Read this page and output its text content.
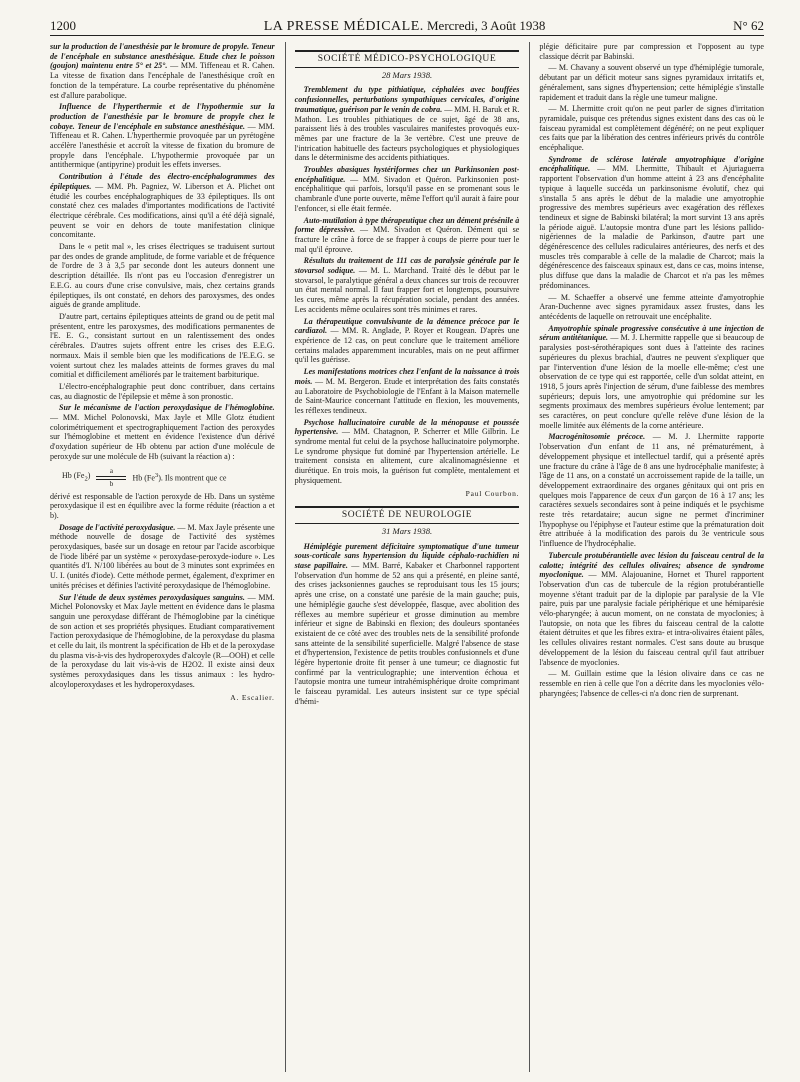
1200	LA PRESSE MÉDICALE. Mercredi, 3 Août 1938	N° 62

sur la production de l'anesthésie par le bromure de propyle. Teneur de l'encéphale en substance anesthésique. Etude chez le poisson (goujon) maintenu entre 5° et 25°. — MM. Tiffeneau et R. Cahen. La vitesse de fixation dans l'encéphale de l'anesthésique croît en fonction de la température. La courbe représentative du phénomène est d'allure parabolique.

Influence de l'hyperthermie et de l'hypothermie sur la production de l'anesthésie par le bromure de propyle chez le cobaye. Teneur de l'encéphale en substance anesthésique. — MM. Tiffeneau et R. Cahen. L'hyperthermie provoquée par un pyrétogène accélère l'anesthésie et accroît la vitesse de fixation du bromure de propyle dans l'encéphale. L'hypothermie provoquée par un antithermique (antipyrine) produit les effets inverses.

Contribution à l'étude des électro-encéphalogrammes des épileptiques. — MM. Ph. Pagniez, W. Liberson et A. Plichet ont étudié les courbes encéphalographiques de 33 épileptiques. Ils ont constaté chez ces malades d'importantes modifications de l'activité électrique cérébrale. Ces modifications, ainsi qu'il a été déjà signalé, peuvent se voir en dehors de toute manifestation clinique concomitante.

Dans le « petit mal », les crises électriques se traduisent surtout par des ondes de grande amplitude, de forme variable et de fréquence de l'ordre de 3 à 3,5 par seconde dont les auteurs donnent une description détaillée. Ils n'ont pas eu l'occasion d'enregistrer un E.E.G. au cours d'une crise convulsive, mais, chez certains grands épileptiques, ils ont constaté, en dehors des paroxysmes, des ondes aiguës de grande amplitude.

D'autre part, certains épileptiques atteints de grand ou de petit mal présentent, entre les paroxysmes, des modifications permanentes de l'E. E. G., consistant surtout en un ralentissement des ondes cérébrales. D'autres sujets offrent entre les crises des E.E.G. normaux. Mais il semble bien que les modifications de l'E.E.G. se voient surtout chez les malades atteints de formes graves du mal comitial et difficilement améliorés par le traitement barbiturique.

L'électro-encéphalographie peut donc contribuer, dans certains cas, au diagnostic de l'épilepsie et même à son pronostic.

Sur le mécanisme de l'action peroxydasique de l'hémoglobine. — MM. Michel Polonovski, Max Jayle et Mlle Glotz étudient colorimétriquement et spectrographiquement l'action des peroxydes sur l'hémoglobine et mettent en évidence l'existence d'un dérivé d'oxydation supérieur de Hb obtenu par action d'une molécule de peroxyde sur une molécule de Hb (suivant la réaction a) :

Hb $(Fe_2)$
a
b
Hb (Fe$^3$). Ils montrent que ce

dérivé est responsable de l'action peroxyde de Hb. Dans un système peroxydasique il est en équilibre avec la forme réduite (réaction a et b).

Dosage de l'activité peroxydasique. — M. Max Jayle présente une méthode nouvelle de dosage de l'activité des systèmes peroxydasiques, basée sur un dosage en retour par l'acide ascorbique de l'iode libéré par un système « peroxydase-peroxyde-iodure ». Les quantités d'I. N/100 libérées au bout de 3 minutes sont exprimées en U. I. (unités d'iode). Cette méthode permet, également, d'exprimer en unités précises et définies l'activité peroxydasique de l'hémoglobine.

Sur l'étude de deux systèmes peroxydasiques sanguins. — MM. Michel Polonovsky et Max Jayle mettent en évidence dans le plasma sanguin une peroxydase différant de l'hémoglobine par la cinétique de son action et ses propriétés physiques. Etudiant comparativement l'action peroxydasique de l'hémoglobine, de la peroxydase du plasma et celle du lait, ils montrent la spécification de Hb et de la peroxydase du plasma vis-à-vis des hydroperoxydes d'alcoyle (R—OOH) et celle de la peroxydase du lait vis-à-vis de H2O2. Il existe ainsi deux systèmes peroxydasiques dans les tissus animaux : les hydro-alcoyloperoxydases et les hydroperoxydases.

A. Escalier.
SOCIÉTÉ MÉDICO-PSYCHOLOGIQUE
28 Mars 1938.

Tremblement du type pithiatique, céphalées avec bouffées confusionnelles, perturbations sympathiques cervicales, d'origine traumatique, guérison par le venin de cobra. — MM. H. Baruk et R. Mathon. Les troubles pithiatiques de ce sujet, âgé de 38 ans, paraissent liés à des troubles vasculaires manifestes provoqués eux-mêmes par une fracture de la 3e vertèbre. C'est une preuve de l'intrication habituelle des facteurs psychologiques et physiologiques dans le déterminisme des accidents pithiatiques.

Troubles abasiques hystériformes chez un Parkinsonien post-encéphalitique. — MM. Sivadon et Quéron. Parkinsonien post-encéphalitique qui parfois, lorsqu'il passe en se promenant sous le chambranle d'une porte ouverte, même l'effort qu'il aurait à faire pour l'enfoncer, si elle était fermée.

Auto-mutilation à type thérapeutique chez un dément présénile à forme dépressive. — MM. Sivadon et Quéron. Dément qui se fracture le crâne à force de se frapper à coups de pierre pour tuer le mal qu'il éprouve.

Résultats du traitement de 111 cas de paralysie générale par le stovarsol sodique. — M. L. Marchand. Traité dès le début par le stovarsol, le paralytique général a deux chances sur trois de recouvrer un état mental normal. Il faut frapper fort et longtemps, poursuivre les cures, même après la récupération sociale, pendant des années. Les accidents même oculaires sont très minimes et rares.

La thérapeutique convulsivante de la démence précoce par le cardiazol. — MM. R. Anglade, P. Royer et Rougean. D'après une expérience de 12 cas, on peut conclure que le traitement améliore certains malades apparemment incurables, mais on ne peut affirmer qu'il les guérisse.

Les manifestations motrices chez l'enfant de la naissance à trois mois. — M. M. Bergeron. Etude et interprétation des faits constatés au Laboratoire de Psychobiologie de l'Enfant à la Maison maternelle de Saint-Maurice concernant l'attitude en flexion, les mouvements, les réflexes tendineux.

Psychose hallucinatoire curable de la ménopause et poussée hypertensive. — MM. Chatagnon, P. Scherrer et Mlle Gilbrin. Le syndrome mental fut celui de la psychose hallucinatoire polymorphe. Le syndrome physique fut dominé par l'hypertension artérielle. Le traitement consista en alitement, cure alcalinomagnésienne et diurétique. En trois mois, la guérison fut complète, mentalement et physiquement.

Paul Courbon.
SOCIÉTÉ DE NEUROLOGIE
31 Mars 1938.

Hémiplégie purement déficitaire symptomatique d'une tumeur sous-corticale sans hypertension du liquide céphalo-rachidien ni stase papillaire. — MM. Barré, Kabaker et Charbonnel rapportent l'observation d'un homme de 52 ans qui a présenté, en pleine santé, des crises jacksoniennes gauches se reproduisant tous les 15 jours; après une crise, on a constaté une parésie de la main gauche; puis, une hémiplégie gauche s'est développée, flasque, avec abolition des réflexes au membre supérieur et grosse diminution au membre inférieur et signe de Babinski en flexion; des douleurs spontanées existaient de ce côté avec des troubles nets de la sensibilité profonde sans atteinte de la sensibilité superficielle. Malgré l'absence de stase et d'hypertension, l'existence de petits troubles confusionnels et d'une légère hypertonie droite fit penser à une tumeur; ce diagnostic fut confirmé par la ventriculographie; une intervention échoua et l'autopsie montra une tumeur intrahémisphérique droite comprimant le faisceau pyramidal. Les auteurs insistent sur ce type spécial d'hémi-

plégie déficitaire pure par compression et l'opposent au type classique décrit par Babinski.

— M. Chavany a souvent observé un type d'hémiplégie tumorale, débutant par un déficit moteur sans signes pyramidaux irritatifs et, généralement, sans signes d'hypertension; cette hémiplégie s'installe rapidement et traduit dans la règle une tumeur maligne.

— M. Lhermitte croit qu'on ne peut parler de signes d'irritation pyramidale, puisque ces prétendus signes existent dans des cas où le faisceau pyramidal est complètement dégénéré; on ne peut expliquer ces faits que par la libération des centres inférieurs privés du contrôle encéphalique.

Syndrome de sclérose latérale amyotrophique d'origine encéphalitique. — MM. Lhermitte, Thibault et Ajuriaguerra rapportent l'observation d'un homme atteint à 23 ans d'encéphalite typique à laquelle succéda un parkinsonisme évolutif, chez qui s'installa 5 ans après le début de la maladie une amyotrophie progressive des membres supérieurs avec exagération des réflexes tendineux et signe de Babinski bilatéral; la mort survint 13 ans après la période aiguë. L'autopsie montra d'une part les lésions pallido-nigériennes de la maladie de Parkinson, d'autre part une dégénérescence des cellules radiculaires antérieures, des nerfs et des muscles très comparable à celle de la maladie de Charcot; mais la dégénérescence des faisceaux spinaux est, dans ce cas, moins intense, plus diffuse que dans la maladie de Charcot et n'a pas les mêmes prédominances.

— M. Schaeffer a observé une femme atteinte d'amyotrophie Aran-Duchenne avec signes pyramidaux assez frustes, dans les antécédents de laquelle on retrouvait une encéphalite.

Amyotrophie spinale progressive consécutive à une injection de sérum antitétanique. — M. J. Lhermitte rappelle que si beaucoup de paralysies post-sérothérapiques sont dues à l'atteinte des racines supérieures du plexus brachial, d'autres ne peuvent s'expliquer que par l'intervention d'une lésion de la moelle elle-même; c'est une observation de ce type qui est rapportée, celle d'un soldat atteint, en 1918, 5 jours après l'injection de sérum, d'une faiblesse des membres supérieurs; depuis lors, une amyotrophie qui prédomine sur les segments proximaux des membres supérieurs évolue lentement; par ses caractères, on peut conclure qu'elle relève d'une lésion de la moelle limitée aux éléments de la corne antérieure.

Macrogénitosomie précoce. — M. J. Lhermitte rapporte l'observation d'un enfant de 11 ans, né prématurément, à développement physique et intellectuel tardif, qui a présenté après une fracture du crâne à l'âge de 8 ans une hydrocéphalie manifeste; à l'âge de 11 ans, on a constaté un accroissement rapide de la taille, un développement extraordinaire des organes génitaux qui ont pris en quelques mois l'apparence de ceux d'un garçon de 16 à 17 ans; les caractères sexuels secondaires sont à peine indiqués et le psychisme reste très retardataire; aucun signe ne permet d'incriminer l'hypophyse ou l'épiphyse et l'auteur estime que la prématuration doit être attribuée à la modification des parois du 3e ventricule sous l'influence de l'hydrocéphalie.

Tubercule protubérantielle avec lésion du faisceau central de la calotte; intégrité des cellules olivaires; absence de syndrome myoclonique. — MM. Alajouanine, Hornet et Thurel rapportent l'observation d'un cas de tubercule de la région protubérantielle moyenne s'étant traduit par de la diplopie par paralysie de la VIe paire, puis par une paralysie faciale périphérique et une hémiparésie vélo-pharyngée; à aucun moment, on ne constata de myoclonies; à l'autopsie, on nota que les fibres du faisceau central de la calotte étaient détruites et que les fibres extra- et intra-olivaires étaient pâles, les cellules olivaires restant normales. C'est sans doute au brusque développement de la lésion du faisceau central qu'il faut attribuer l'absence de myoclonies.

— M. Guillain estime que la lésion olivaire dans ce cas ne ressemble en rien à celle que l'on a décrite dans les myoclonies vélo-pharyngées; l'absence de celles-ci n'a donc rien de surprenant.
